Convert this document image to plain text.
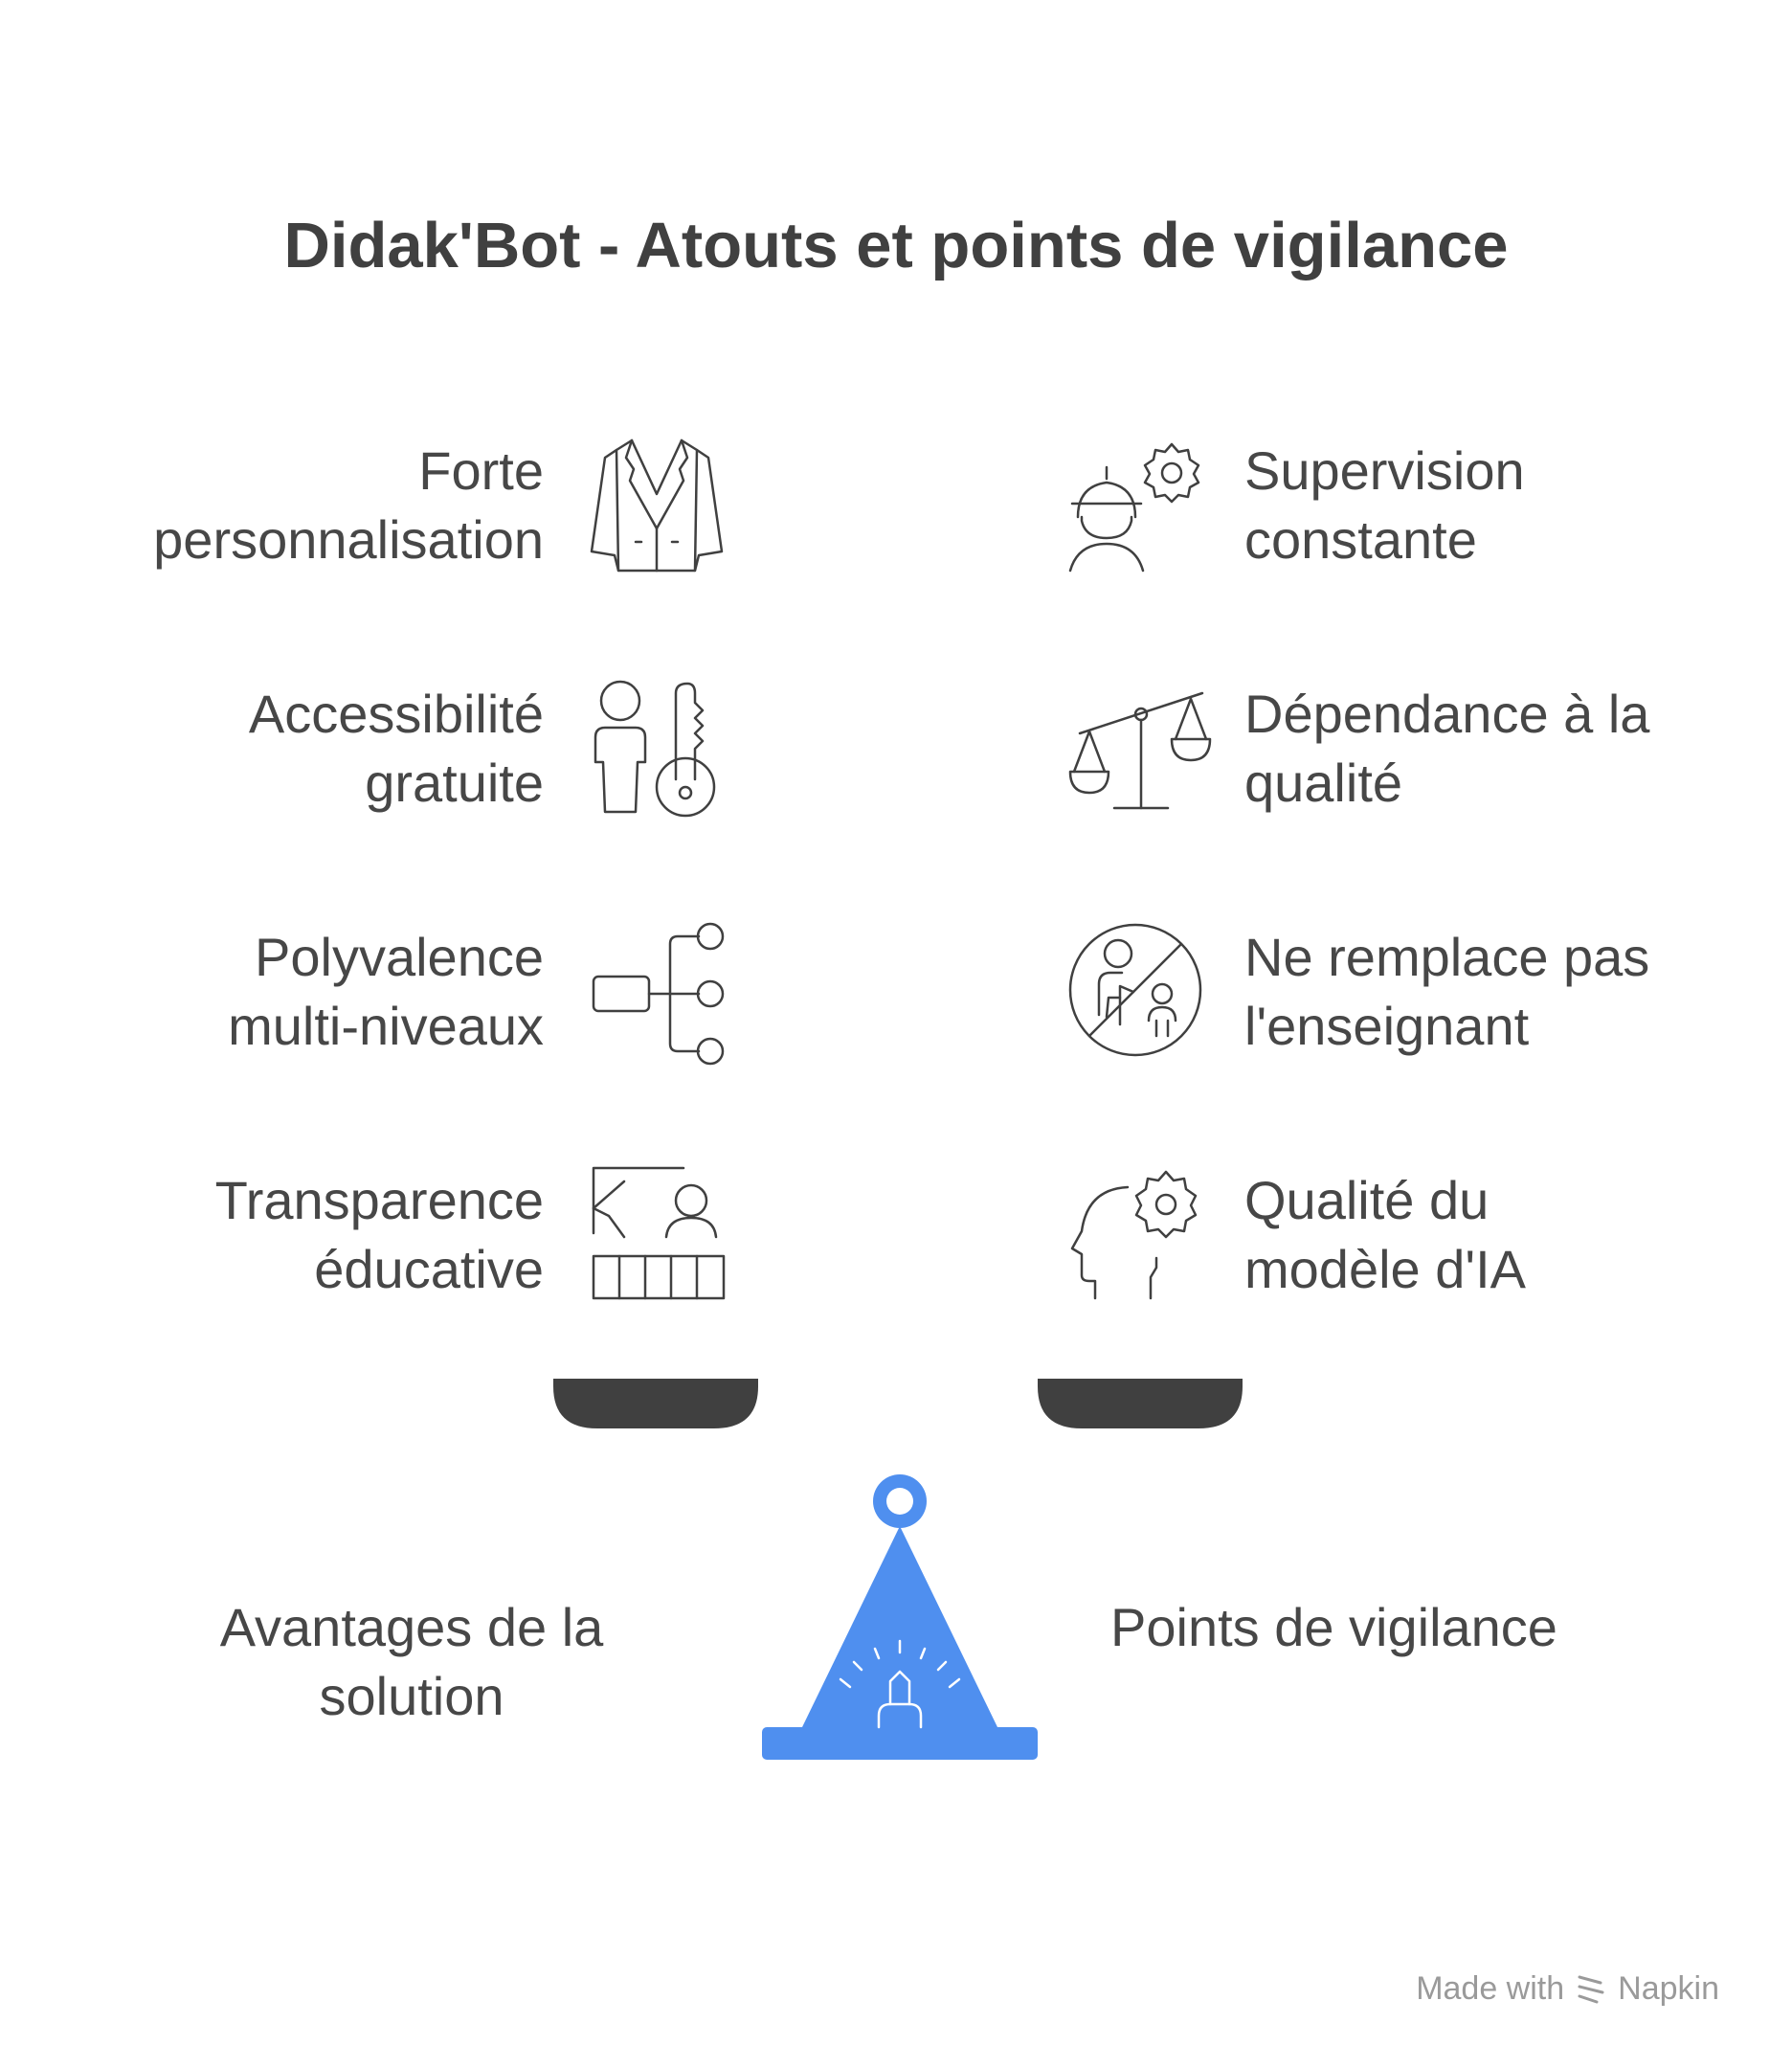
Didak'Bot - Atouts et points de vigilance
Forte
personnalisation
Accessibilité
gratuite
Polyvalence
multi-niveaux
Transparence
éducative
Supervision
constante
Dépendance à la
qualité
Ne remplace pas
l'enseignant
Qualité du
modèle d'IA
Avantages de la
solution
Points de vigilance
Made with Napkin
